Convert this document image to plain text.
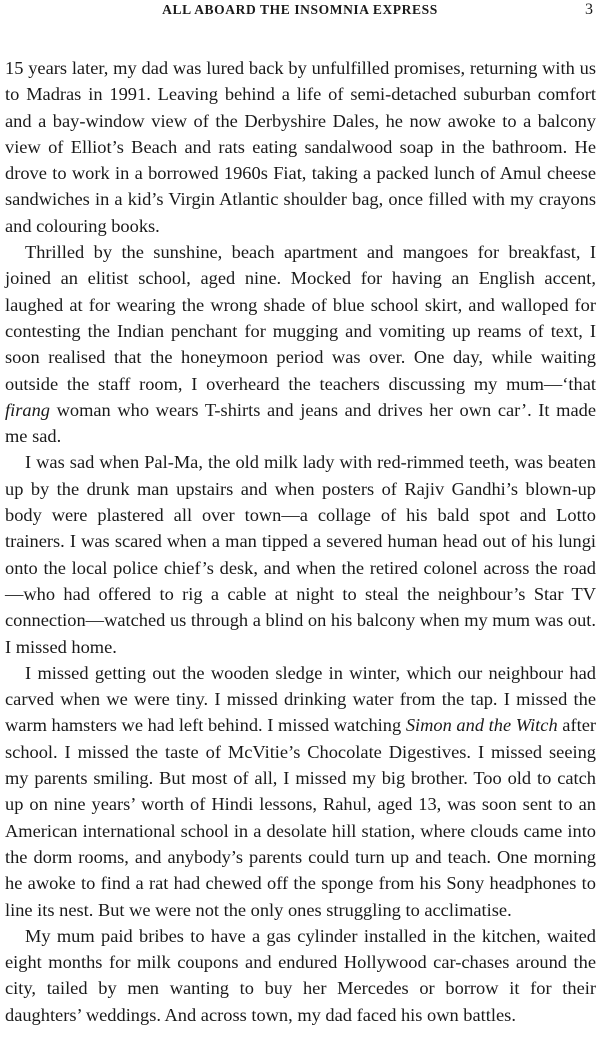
ALL ABOARD THE INSOMNIA EXPRESS	3

15 years later, my dad was lured back by unfulfilled promises, returning with us to Madras in 1991. Leaving behind a life of semi-detached suburban comfort and a bay-window view of the Derbyshire Dales, he now awoke to a balcony view of Elliot’s Beach and rats eating sandalwood soap in the bathroom. He drove to work in a borrowed 1960s Fiat, taking a packed lunch of Amul cheese sandwiches in a kid’s Virgin Atlantic shoulder bag, once filled with my crayons and colouring books.

Thrilled by the sunshine, beach apartment and mangoes for breakfast, I joined an elitist school, aged nine. Mocked for having an English accent, laughed at for wearing the wrong shade of blue school skirt, and walloped for contesting the Indian penchant for mugging and vomiting up reams of text, I soon realised that the honeymoon period was over. One day, while waiting outside the staff room, I overheard the teachers discussing my mum—‘that firang woman who wears T-shirts and jeans and drives her own car’. It made me sad.

I was sad when Pal-Ma, the old milk lady with red-rimmed teeth, was beaten up by the drunk man upstairs and when posters of Rajiv Gandhi’s blown-up body were plastered all over town—a collage of his bald spot and Lotto trainers. I was scared when a man tipped a severed human head out of his lungi onto the local police chief’s desk, and when the retired colonel across the road—who had offered to rig a cable at night to steal the neighbour’s Star TV connection—watched us through a blind on his balcony when my mum was out. I missed home.

I missed getting out the wooden sledge in winter, which our neighbour had carved when we were tiny. I missed drinking water from the tap. I missed the warm hamsters we had left behind. I missed watching Simon and the Witch after school. I missed the taste of McVitie’s Chocolate Digestives. I missed seeing my parents smiling. But most of all, I missed my big brother. Too old to catch up on nine years’ worth of Hindi lessons, Rahul, aged 13, was soon sent to an American international school in a desolate hill station, where clouds came into the dorm rooms, and anybody’s parents could turn up and teach. One morning he awoke to find a rat had chewed off the sponge from his Sony headphones to line its nest. But we were not the only ones struggling to acclimatise.

My mum paid bribes to have a gas cylinder installed in the kitchen, waited eight months for milk coupons and endured Hollywood car-chases around the city, tailed by men wanting to buy her Mercedes or borrow it for their daughters’ weddings. And across town, my dad faced his own battles.
